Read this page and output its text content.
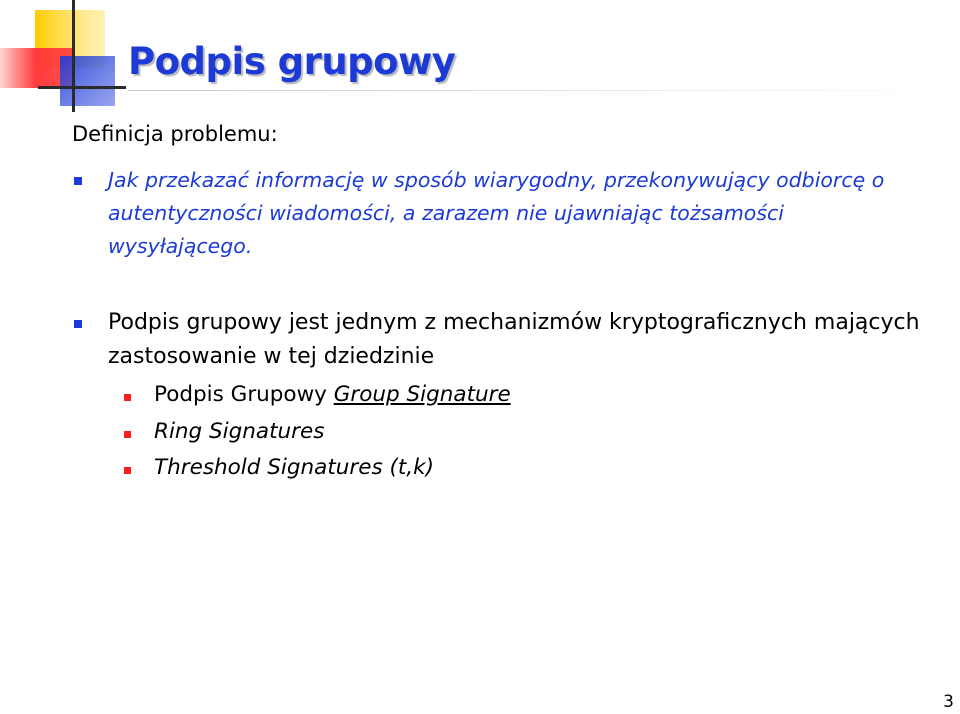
Podpis grupowy
Definicja problemu:

Jak przekazać informację w sposób wiarygodny, przekonywujący odbiorcę o autentyczności wiadomości, a zarazem nie ujawniając tożsamości wysyłającego.

Podpis grupowy jest jednym z mechanizmów kryptograficznych mających zastosowanie w tej dziedzinie

Podpis Grupowy Group Signature
Ring Signatures
Threshold Signatures (t,k)
3
